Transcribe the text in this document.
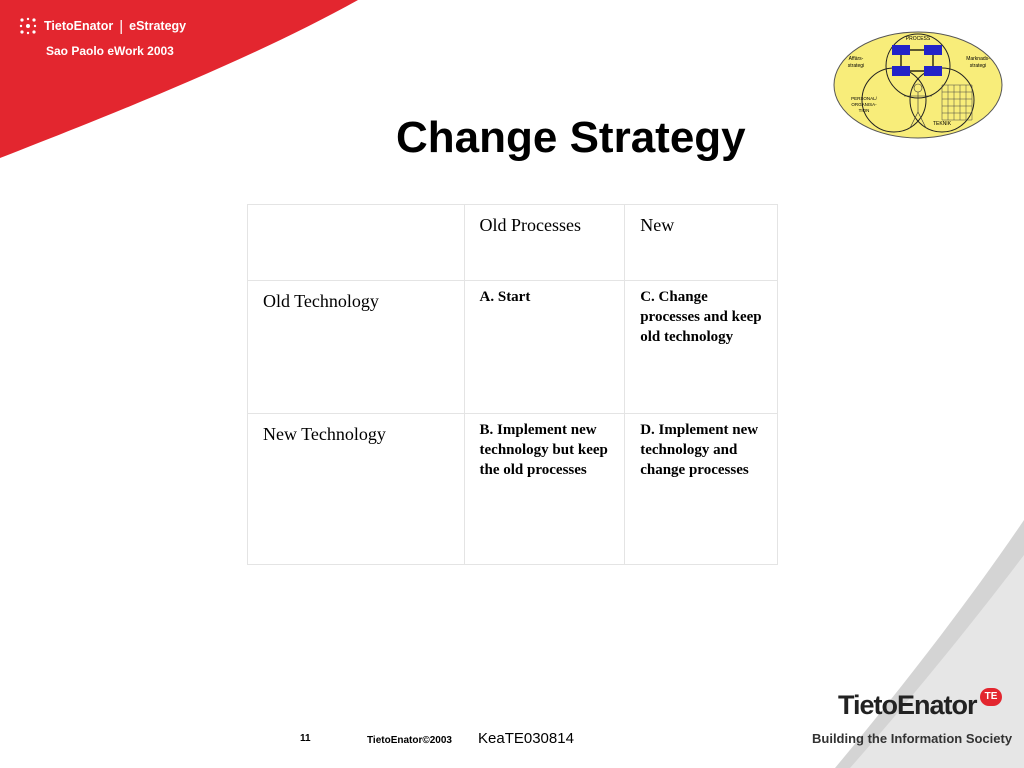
TietoEnator | eStrategy
Sao Paolo eWork 2003
Change Strategy
PROCESS
Affärs-
strategi
Marknads-
strategi
PERSONAL/
ORGANISA-
TION
TEKNIK
	Old Processes	New
Old Technology	A. Start	C. Change processes and keep old technology
New Technology	B. Implement new technology but keep the old processes	D. Implement new technology and change processes
11	TietoEnator©2003 KeaTE030814
TietoEnator TE
Building the Information Society
